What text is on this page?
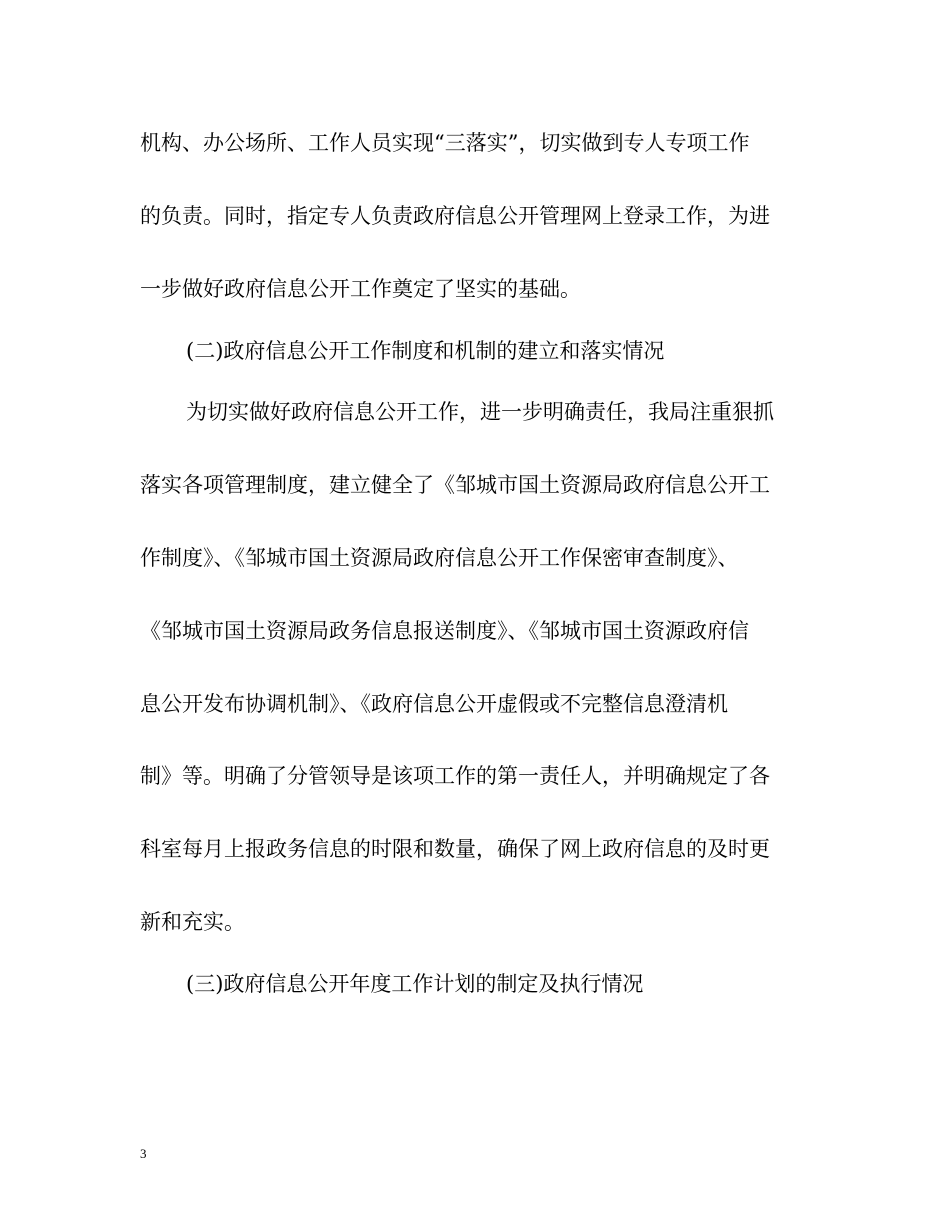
机构、办公场所、工作人员实现“三落实”，切实做到专人专项工作
的负责。同时，指定专人负责政府信息公开管理网上登录工作，为进
一步做好政府信息公开工作奠定了坚实的基础。
(二)政府信息公开工作制度和机制的建立和落实情况
为切实做好政府信息公开工作，进一步明确责任，我局注重狠抓
落实各项管理制度，建立健全了《邹城市国土资源局政府信息公开工
作制度》、《邹城市国土资源局政府信息公开工作保密审查制度》、
《邹城市国土资源局政务信息报送制度》、《邹城市国土资源政府信
息公开发布协调机制》、《政府信息公开虚假或不完整信息澄清机
制》等。明确了分管领导是该项工作的第一责任人，并明确规定了各
科室每月上报政务信息的时限和数量，确保了网上政府信息的及时更
新和充实。
(三)政府信息公开年度工作计划的制定及执行情况
3
